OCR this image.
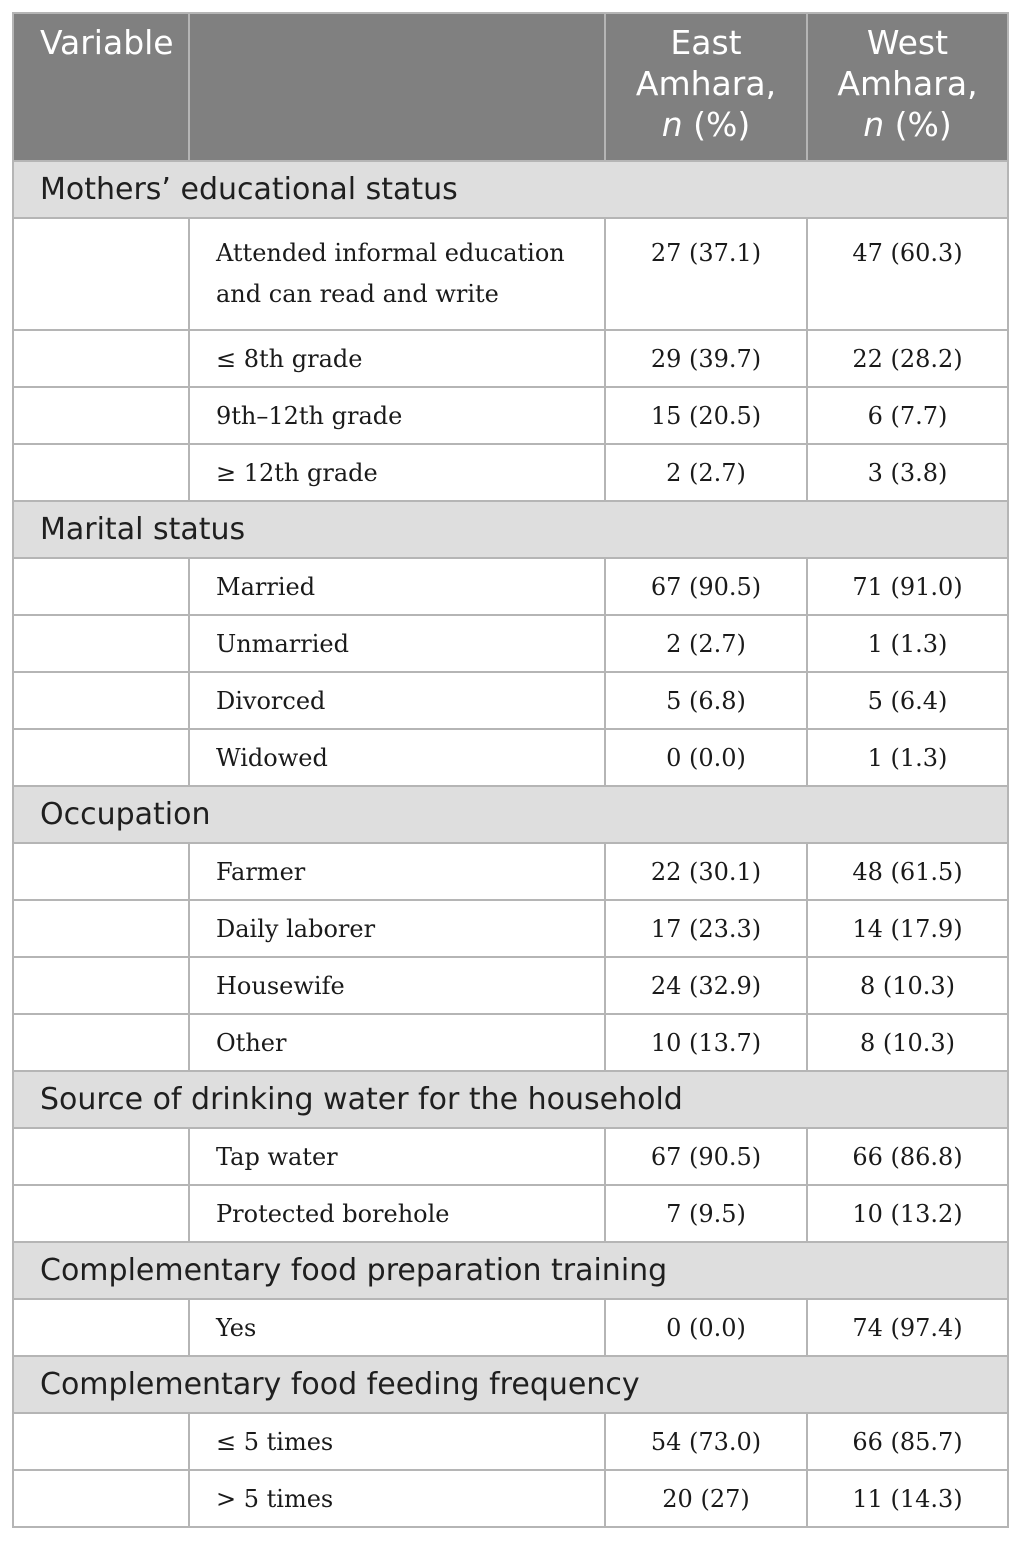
Variable		East
Amhara,
n (%)	West
Amhara,
n (%)
Mothers’ educational status			
	Attended informal education and can read and write	27 (37.1)	47 (60.3)
	≤ 8th grade	29 (39.7)	22 (28.2)
	9th–12th grade	15 (20.5)	6 (7.7)
	≥ 12th grade	2 (2.7)	3 (3.8)
Marital status			
	Married	67 (90.5)	71 (91.0)
	Unmarried	2 (2.7)	1 (1.3)
	Divorced	5 (6.8)	5 (6.4)
	Widowed	0 (0.0)	1 (1.3)
Occupation			
	Farmer	22 (30.1)	48 (61.5)
	Daily laborer	17 (23.3)	14 (17.9)
	Housewife	24 (32.9)	8 (10.3)
	Other	10 (13.7)	8 (10.3)
Source of drinking water for the household			
	Tap water	67 (90.5)	66 (86.8)
	Protected borehole	7 (9.5)	10 (13.2)
Complementary food preparation training			
	Yes	0 (0.0)	74 (97.4)
Complementary food feeding frequency			
	≤ 5 times	54 (73.0)	66 (85.7)
	> 5 times	20 (27)	11 (14.3)
